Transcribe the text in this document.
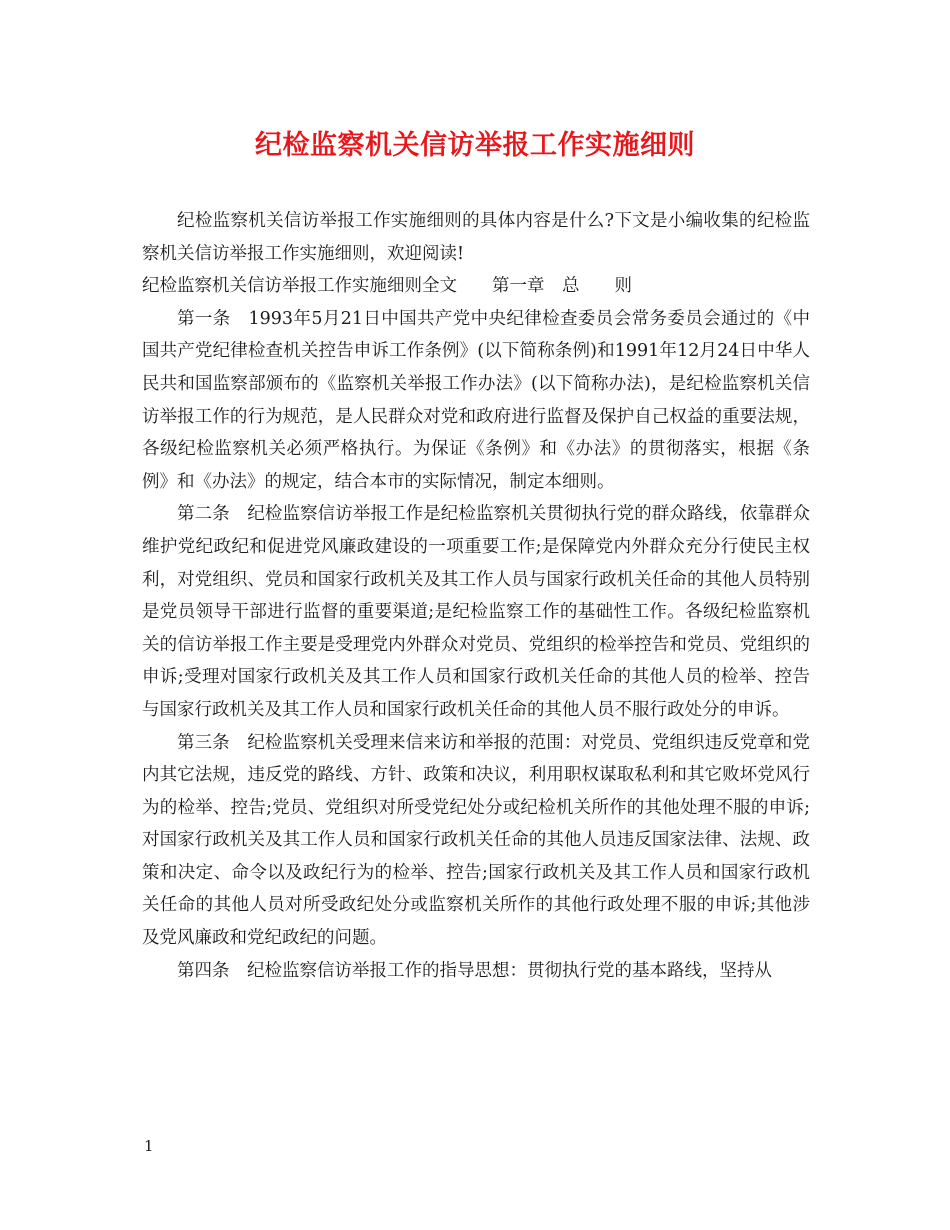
纪检监察机关信访举报工作实施细则

纪检监察机关信访举报工作实施细则的具体内容是什么?下文是小编收集的纪检监察机关信访举报工作实施细则，欢迎阅读!

纪检监察机关信访举报工作实施细则全文　　第一章　总　　则

第一条　1993年5月21日中国共产党中央纪律检查委员会常务委员会通过的《中国共产党纪律检查机关控告申诉工作条例》(以下简称条例)和1991年12月24日中华人民共和国监察部颁布的《监察机关举报工作办法》(以下简称办法)，是纪检监察机关信访举报工作的行为规范，是人民群众对党和政府进行监督及保护自己权益的重要法规，各级纪检监察机关必须严格执行。为保证《条例》和《办法》的贯彻落实，根据《条例》和《办法》的规定，结合本市的实际情况，制定本细则。

第二条　纪检监察信访举报工作是纪检监察机关贯彻执行党的群众路线，依靠群众维护党纪政纪和促进党风廉政建设的一项重要工作;是保障党内外群众充分行使民主权利，对党组织、党员和国家行政机关及其工作人员与国家行政机关任命的其他人员特别是党员领导干部进行监督的重要渠道;是纪检监察工作的基础性工作。各级纪检监察机关的信访举报工作主要是受理党内外群众对党员、党组织的检举控告和党员、党组织的申诉;受理对国家行政机关及其工作人员和国家行政机关任命的其他人员的检举、控告与国家行政机关及其工作人员和国家行政机关任命的其他人员不服行政处分的申诉。

第三条　纪检监察机关受理来信来访和举报的范围：对党员、党组织违反党章和党内其它法规，违反党的路线、方针、政策和决议，利用职权谋取私利和其它败坏党风行为的检举、控告;党员、党组织对所受党纪处分或纪检机关所作的其他处理不服的申诉;对国家行政机关及其工作人员和国家行政机关任命的其他人员违反国家法律、法规、政策和决定、命令以及政纪行为的检举、控告;国家行政机关及其工作人员和国家行政机关任命的其他人员对所受政纪处分或监察机关所作的其他行政处理不服的申诉;其他涉及党风廉政和党纪政纪的问题。

第四条　纪检监察信访举报工作的指导思想：贯彻执行党的基本路线，坚持从

1
